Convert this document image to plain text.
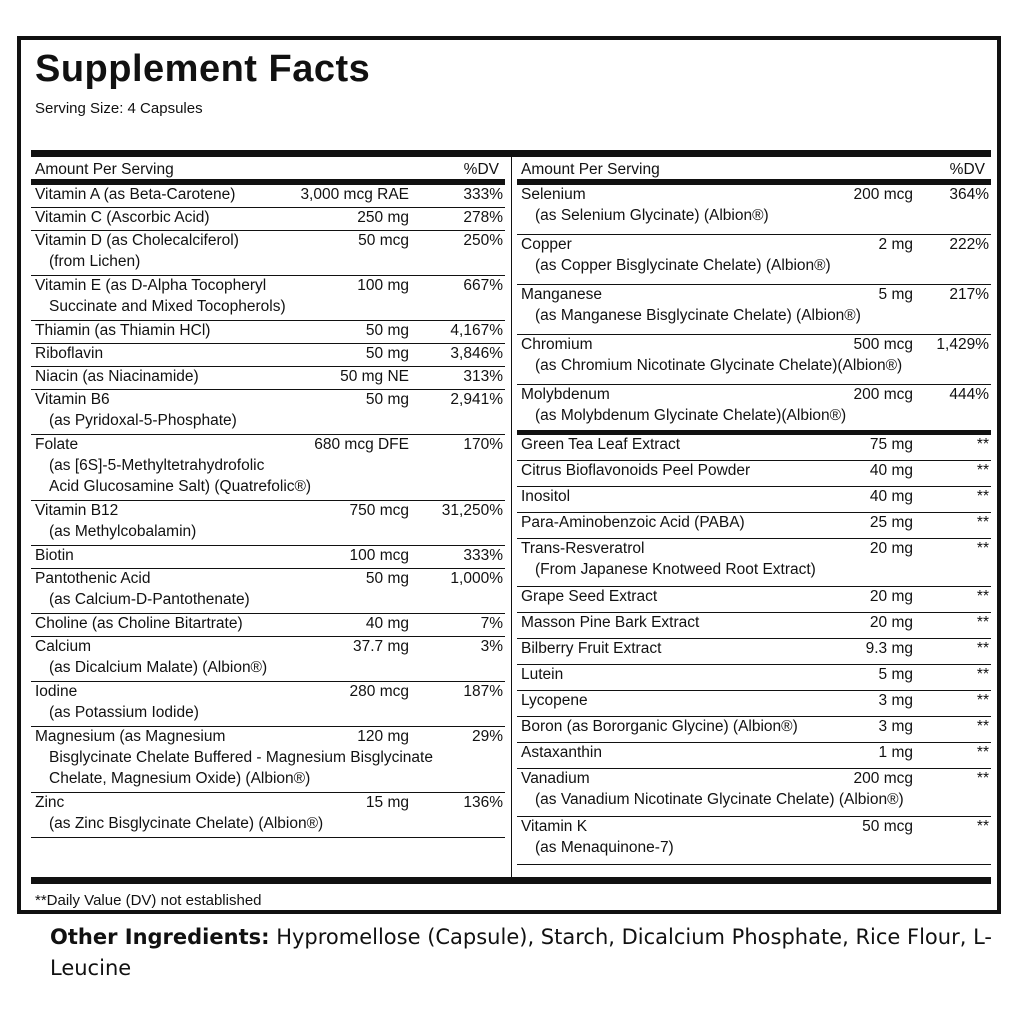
Supplement Facts
Serving Size: 4 Capsules
Amount Per Serving	%DV
Vitamin A (as Beta-Carotene)	3,000 mcg RAE	333%
Vitamin C (Ascorbic Acid)	250 mg	278%
Vitamin D (as Cholecalciferol)	50 mcg	250%
(from Lichen)
Vitamin E (as D-Alpha Tocopheryl	100 mg	667%
Succinate and Mixed Tocopherols)
Thiamin (as Thiamin HCl)	50 mg	4,167%
Riboflavin	50 mg	3,846%
Niacin (as Niacinamide)	50 mg NE	313%
Vitamin B6	50 mg	2,941%
(as Pyridoxal-5-Phosphate)
Folate	680 mcg DFE	170%
(as [6S]-5-Methyltetrahydrofolic
Acid Glucosamine Salt) (Quatrefolic®)
Vitamin B12	750 mcg 31,250%
(as Methylcobalamin)
Biotin	100 mcg	333%
Pantothenic Acid	50 mg	1,000%
(as Calcium-D-Pantothenate)
Choline (as Choline Bitartrate)	40 mg	7%
Calcium	37.7 mg	3%
(as Dicalcium Malate) (Albion®)
Iodine	280 mcg	187%
(as Potassium Iodide)
Magnesium (as Magnesium	120 mg	29%
Bisglycinate Chelate Buffered - Magnesium Bisglycinate
Chelate, Magnesium Oxide) (Albion®)
Zinc	15 mg	136%
(as Zinc Bisglycinate Chelate) (Albion®)
Amount Per Serving	%DV
Selenium	200 mcg 364%
(as Selenium Glycinate) (Albion®)
Copper	2 mg 222%
(as Copper Bisglycinate Chelate) (Albion®)
Manganese	5 mg 217%
(as Manganese Bisglycinate Chelate) (Albion®)
Chromium	500 mcg 1,429%
(as Chromium Nicotinate Glycinate Chelate)(Albion®)
Molybdenum	200 mcg 444%
(as Molybdenum Glycinate Chelate)(Albion®)
Green Tea Leaf Extract	75 mg	**
Citrus Bioflavonoids Peel Powder	40 mg	**
Inositol	40 mg	**
Para-Aminobenzoic Acid (PABA)	25 mg	**
Trans-Resveratrol	20 mg	**
(From Japanese Knotweed Root Extract)
Grape Seed Extract	20 mg	**
Masson Pine Bark Extract	20 mg	**
Bilberry Fruit Extract	9.3 mg	**
Lutein	5 mg	**
Lycopene	3 mg	**
Boron (as Bororganic Glycine) (Albion®)	3 mg	**
Astaxanthin	1 mg	**
Vanadium	200 mcg	**
(as Vanadium Nicotinate Glycinate Chelate) (Albion®)
Vitamin K	50 mcg	**
(as Menaquinone-7)
**Daily Value (DV) not established
Other Ingredients: Hypromellose (Capsule), Starch, Dicalcium Phosphate, Rice Flour, L-Leucine
